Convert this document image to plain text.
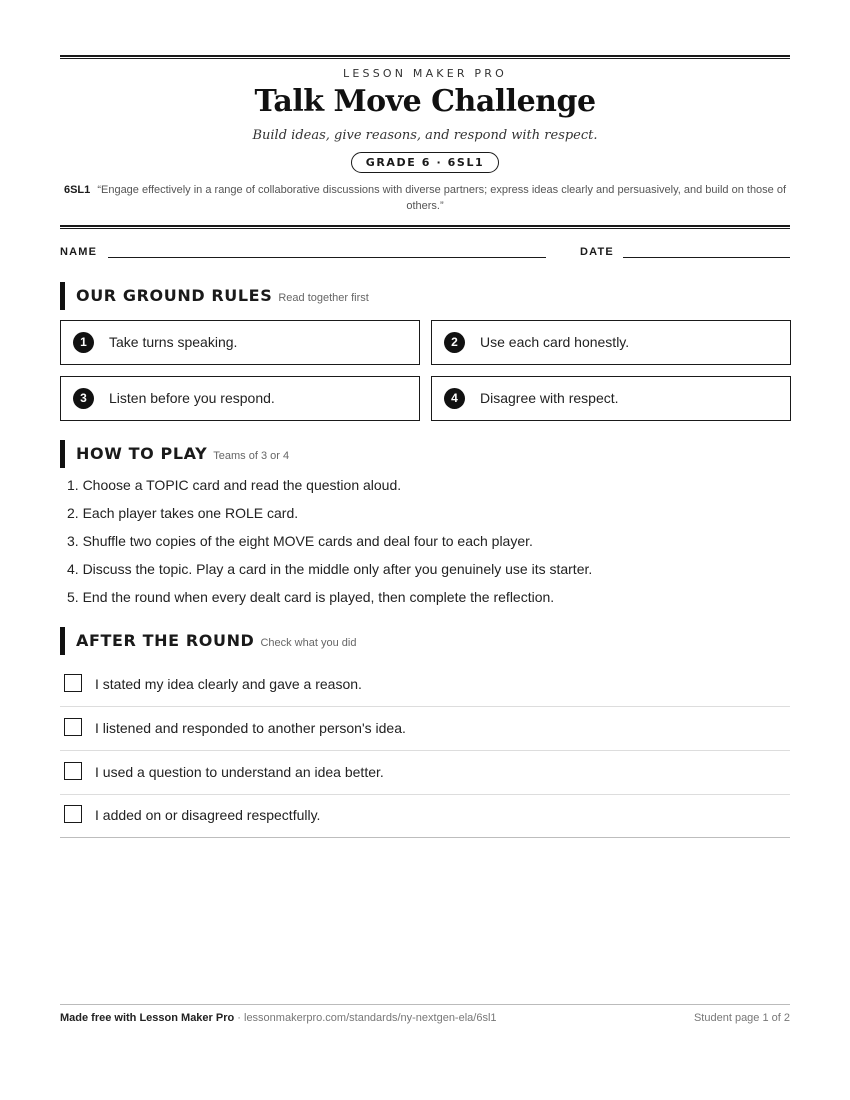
LESSON MAKER PRO
Talk Move Challenge
Build ideas, give reasons, and respond with respect.
GRADE 6 · 6SL1
6SL1 “Engage effectively in a range of collaborative discussions with diverse partners; express ideas clearly and persuasively, and build on those of others.”
NAME	DATE
OUR GROUND RULES Read together first
1	Take turns speaking.	2	Use each card honestly.
3	Listen before you respond.	4	Disagree with respect.
HOW TO PLAY Teams of 3 or 4
1. Choose a TOPIC card and read the question aloud.
2. Each player takes one ROLE card.
3. Shuffle two copies of the eight MOVE cards and deal four to each player.
4. Discuss the topic. Play a card in the middle only after you genuinely use its starter.
5. End the round when every dealt card is played, then complete the reflection.
AFTER THE ROUND Check what you did
I stated my idea clearly and gave a reason.
I listened and responded to another person's idea.
I used a question to understand an idea better.
I added on or disagreed respectfully.
Made free with Lesson Maker Pro · lessonmakerpro.com/standards/ny-nextgen-ela/6sl1	Student page 1 of 2
